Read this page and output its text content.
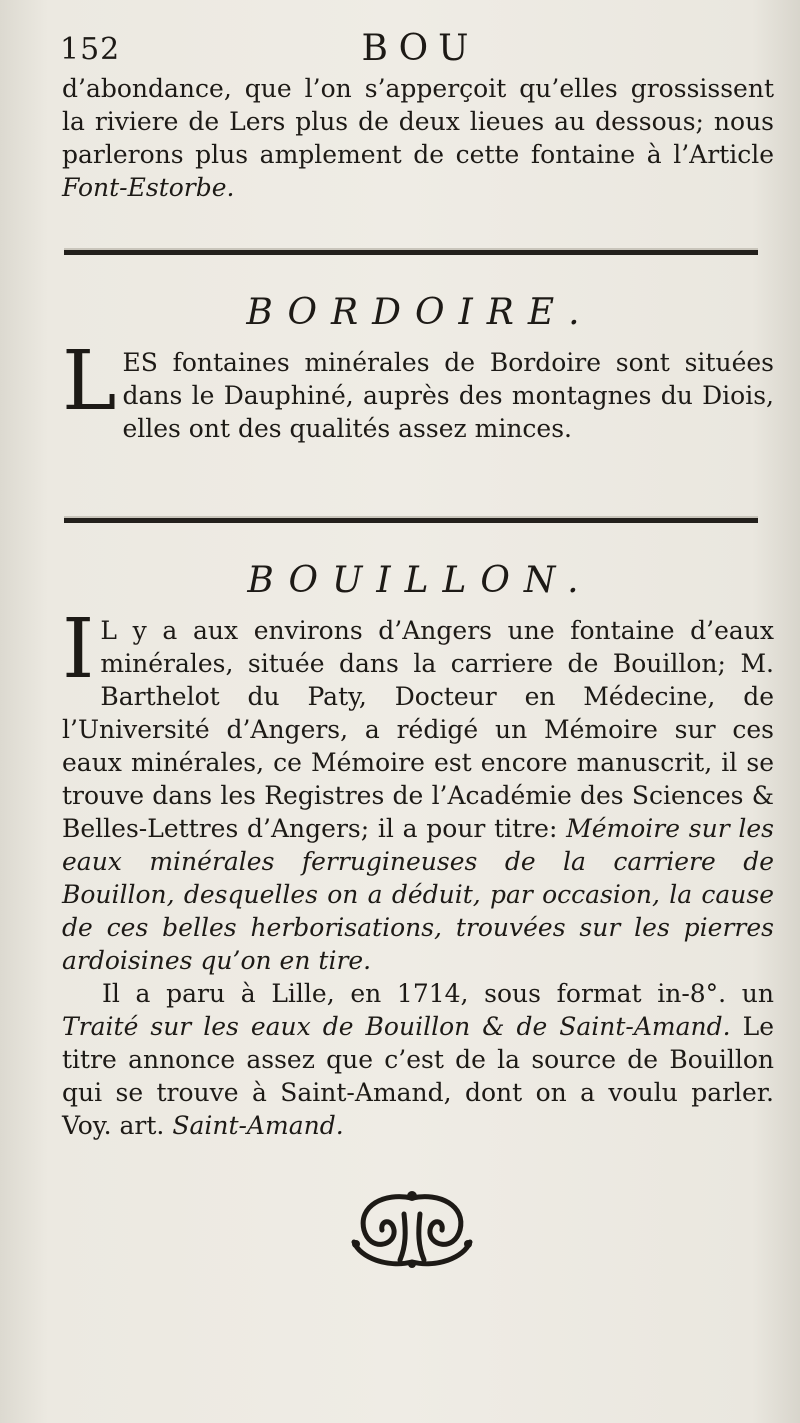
152	BOU
d’abondance, que l’on s’apperçoit qu’elles grossissent la riviere de Lers plus de deux lieues au dessous; nous parlerons plus amplement de cette fontaine à l’Article Font-Estorbe.
BORDOIRE.
LES fontaines minérales de Bordoire sont situées dans le Dauphiné, auprès des montagnes du Diois, elles ont des qualités assez minces.
BOUILLON.
I L y a aux environs d’Angers une fontaine d’eaux minérales, située dans la carriere de Bouillon; M. Barthelot du Paty, Docteur en Médecine, de l’Université d’Angers, a rédigé un Mémoire sur ces eaux minérales, ce Mémoire est encore manuscrit, il se trouve dans les Registres de l’Académie des Sciences & Belles-Lettres d’Angers; il a pour titre: Mémoire sur les eaux minérales ferrugineuses de la carriere de Bouillon, desquelles on a déduit, par occasion, la cause de ces belles herborisations, trouvées sur les pierres ardoisines qu’on en tire.
Il a paru à Lille, en 1714, sous format in-8°. un Traité sur les eaux de Bouillon & de Saint-Amand. Le titre annonce assez que c’est de la source de Bouillon qui se trouve à Saint-Amand, dont on a voulu parler. Voy. art. Saint-Amand.
